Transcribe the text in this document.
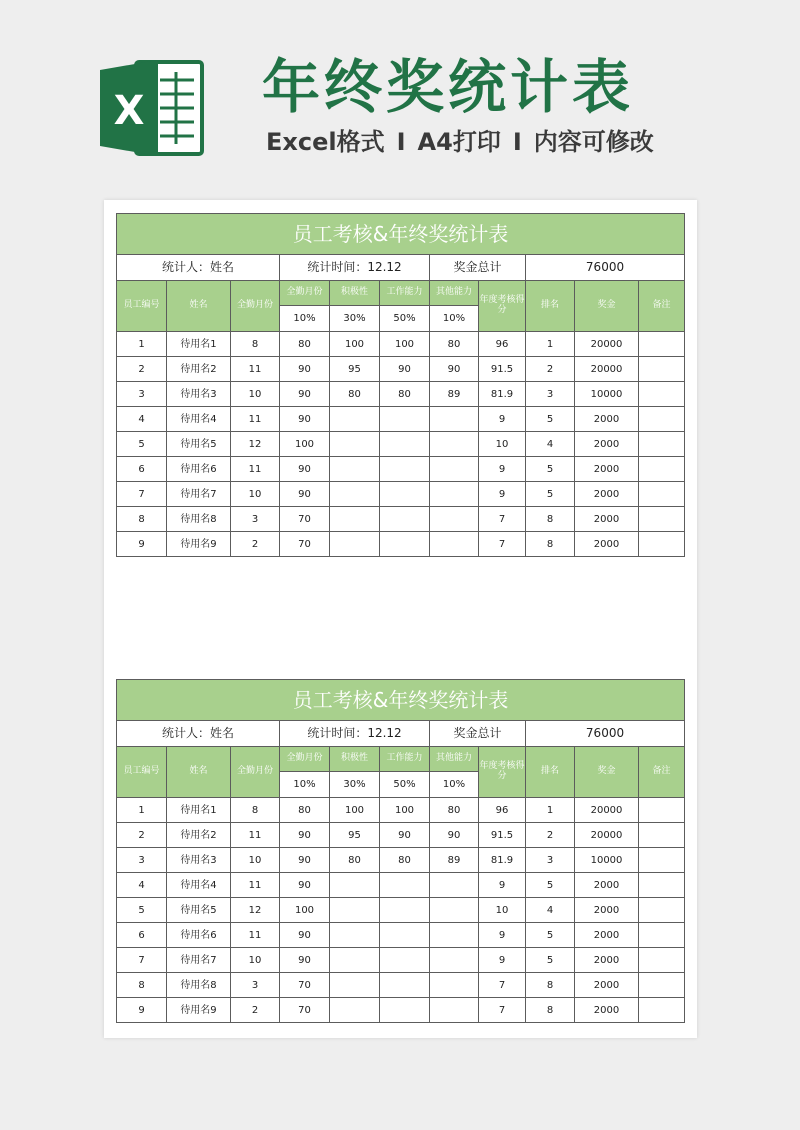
X 年终奖统计表
Excel格式 I A4打印 I 内容可修改
员工考核&年终奖统计表										
统计人：姓名			统计时间：12.12			奖金总计		76000		
员工编号	姓名	全勤月份	全勤月份	积极性	工作能力	其他能力	年度考核得分	排名	奖金	备注
			10%	30%	50%	10%				
1	待用名1	8	80	100	100	80	96	1	20000	
2	待用名2	11	90	95	90	90	91.5	2	20000	
3	待用名3	10	90	80	80	89	81.9	3	10000	
4	待用名4	11	90				9	5	2000	
5	待用名5	12	100				10	4	2000	
6	待用名6	11	90				9	5	2000	
7	待用名7	10	90				9	5	2000	
8	待用名8	3	70				7	8	2000	
9	待用名9	2	70				7	8	2000	
员工考核&年终奖统计表										
统计人：姓名			统计时间：12.12			奖金总计		76000		
员工编号	姓名	全勤月份	全勤月份	积极性	工作能力	其他能力	年度考核得分	排名	奖金	备注
			10%	30%	50%	10%				
1	待用名1	8	80	100	100	80	96	1	20000	
2	待用名2	11	90	95	90	90	91.5	2	20000	
3	待用名3	10	90	80	80	89	81.9	3	10000	
4	待用名4	11	90				9	5	2000	
5	待用名5	12	100				10	4	2000	
6	待用名6	11	90				9	5	2000	
7	待用名7	10	90				9	5	2000	
8	待用名8	3	70				7	8	2000	
9	待用名9	2	70				7	8	2000	
